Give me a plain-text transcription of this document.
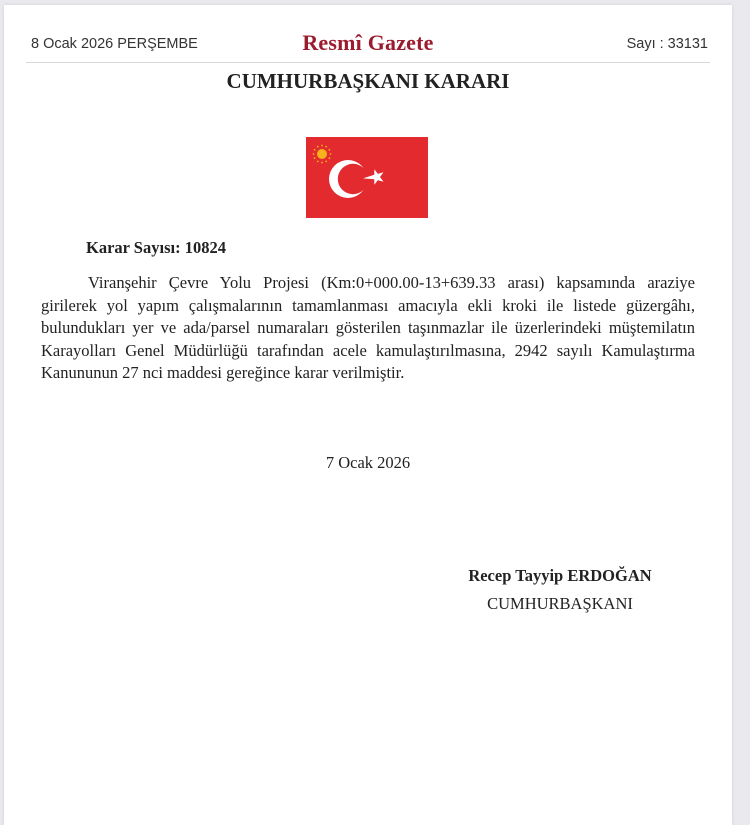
8 Ocak 2026 PERŞEMBE	Resmî Gazete	Sayı : 33131
CUMHURBAŞKANI KARARI
Karar Sayısı: 10824
Viranşehir Çevre Yolu Projesi (Km:0+000.00-13+639.33 arası) kapsamında araziye girilerek yol yapım çalışmalarının tamamlanması amacıyla ekli kroki ile listede güzergâhı, bulundukları yer ve ada/parsel numaraları gösterilen taşınmazlar ile üzerlerindeki müştemilatın Karayolları Genel Müdürlüğü tarafından acele kamulaştırılmasına, 2942 sayılı Kamulaştırma Kanununun 27 nci maddesi gereğince karar verilmiştir.
7 Ocak 2026
Recep Tayyip ERDOĞAN
CUMHURBAŞKANI
